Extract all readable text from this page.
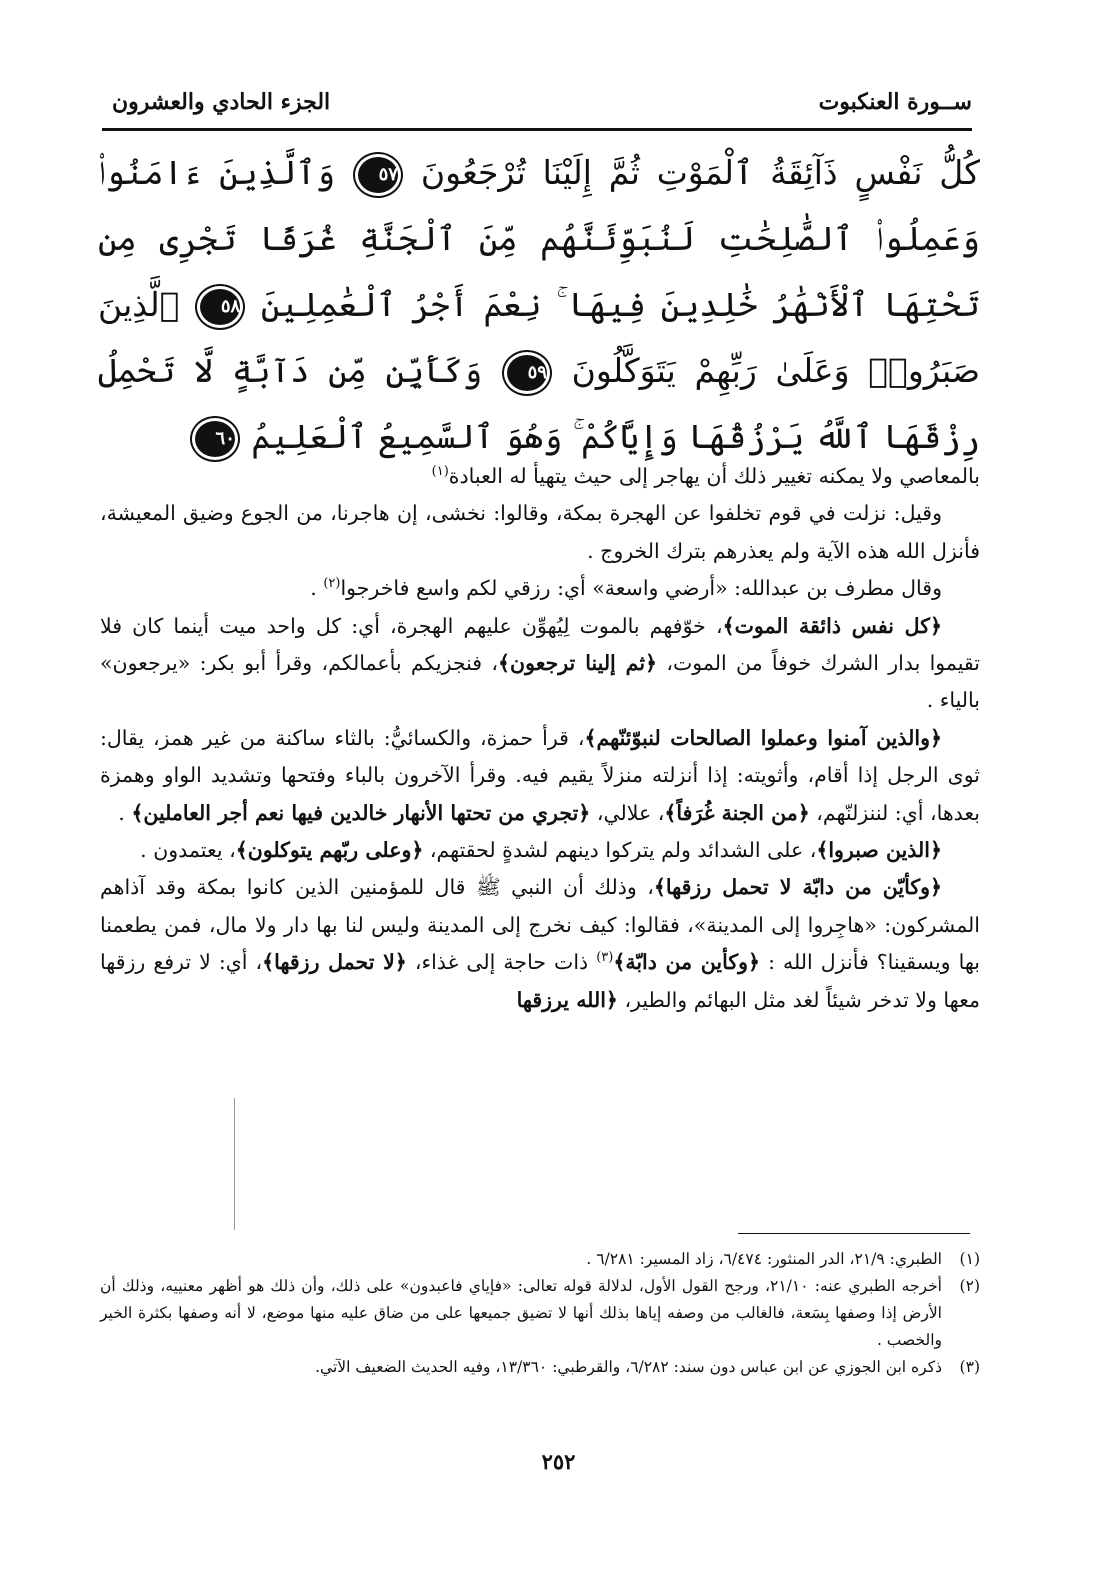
ســورة العنكبوت
الجزء الحادي والعشرون
كُلُّ نَفْسٍ ذَآئِقَةُ ٱلْمَوْتِ ثُمَّ إِلَيْنَا تُرْجَعُونَ ٥٧ وَٱلَّذِينَ ءَامَنُوا۟ وَعَمِلُوا۟ ٱلصَّٰلِحَٰتِ لَنُبَوِّئَنَّهُم مِّنَ ٱلْجَنَّةِ غُرَفًا تَجْرِى مِن تَحْتِهَا ٱلْأَنْهَٰرُ خَٰلِدِينَ فِيهَا ۚ نِعْمَ أَجْرُ ٱلْعَٰمِلِينَ ٥٨ ٱلَّذِينَ صَبَرُوا۟ وَعَلَىٰ رَبِّهِمْ يَتَوَكَّلُونَ ٥٩ وَكَأَيِّن مِّن دَآبَّةٍ لَّا تَحْمِلُ رِزْقَهَا ٱللَّهُ يَرْزُقُهَا وَإِيَّاكُمْ ۚ وَهُوَ ٱلسَّمِيعُ ٱلْعَلِيمُ ٦٠

بالمعاصي ولا يمكنه تغيير ذلك أن يهاجر إلى حيث يتهيأ له العبادة$^{(١)}$

وقيل: نزلت في قوم تخلفوا عن الهجرة بمكة، وقالوا: نخشى، إن هاجرنا، من الجوع وضيق المعيشة، فأنزل الله هذه الآية ولم يعذرهم بترك الخروج .

وقال مطرف بن عبدالله: «أرضي واسعة» أي: رزقي لكم واسع فاخرجوا$^{(٢)}$ .

﴿كل نفس ذائقة الموت﴾، خوّفهم بالموت لِيُهوِّن عليهم الهجرة، أي: كل واحد ميت أينما كان فلا تقيموا بدار الشرك خوفاً من الموت، ﴿ثم إلينا ترجعون﴾، فنجزيكم بأعمالكم، وقرأ أبو بكر: «يرجعون» بالياء .

﴿والذين آمنوا وعملوا الصالحات لنبوّئنّهم﴾، قرأ حمزة، والكسائيُّ: بالثاء ساكنة من غير همز، يقال: ثوى الرجل إذا أقام، وأثويته: إذا أنزلته منزلاً يقيم فيه. وقرأ الآخرون بالباء وفتحها وتشديد الواو وهمزة بعدها، أي: لننزلنّهم، ﴿من الجنة غُرَفاً﴾، علالي، ﴿تجري من تحتها الأنهار خالدين فيها نعم أجر العاملين﴾ .

﴿الذين صبروا﴾، على الشدائد ولم يتركوا دينهم لشدةٍ لحقتهم، ﴿وعلى ربّهم يتوكلون﴾، يعتمدون .

﴿وكأيّن من دابّة لا تحمل رزقها﴾، وذلك أن النبي ﷺ قال للمؤمنين الذين كانوا بمكة وقد آذاهم المشركون: «هاجِروا إلى المدينة»، فقالوا: كيف نخرج إلى المدينة وليس لنا بها دار ولا مال، فمن يطعمنا بها ويسقينا؟ فأنزل الله : ﴿وكأين من دابّة﴾$^{(٣)}$ ذات حاجة إلى غذاء، ﴿لا تحمل رزقها﴾، أي: لا ترفع رزقها معها ولا تدخر شيئاً لغد مثل البهائم والطير، ﴿الله يرزقها

(١)
الطبري: ٢١/٩، الدر المنثور: ٦/٤٧٤، زاد المسير: ٦/٢٨١ .
(٢)
أخرجه الطبري عنه: ٢١/١٠، ورجح القول الأول، لدلالة قوله تعالى: «فإياي فاعبدون» على ذلك، وأن ذلك هو أظهر معنييه، وذلك أن الأرض إذا وصفها بِسَعة، فالغالب من وصفه إياها بذلك أنها لا تضيق جميعها على من ضاق عليه منها موضع، لا أنه وصفها بكثرة الخير والخصب .
(٣)
ذكره ابن الجوزي عن ابن عباس دون سند: ٦/٢٨٢، والقرطبي: ١٣/٣٦٠، وفيه الحديث الضعيف الآتي.
٢٥٢
